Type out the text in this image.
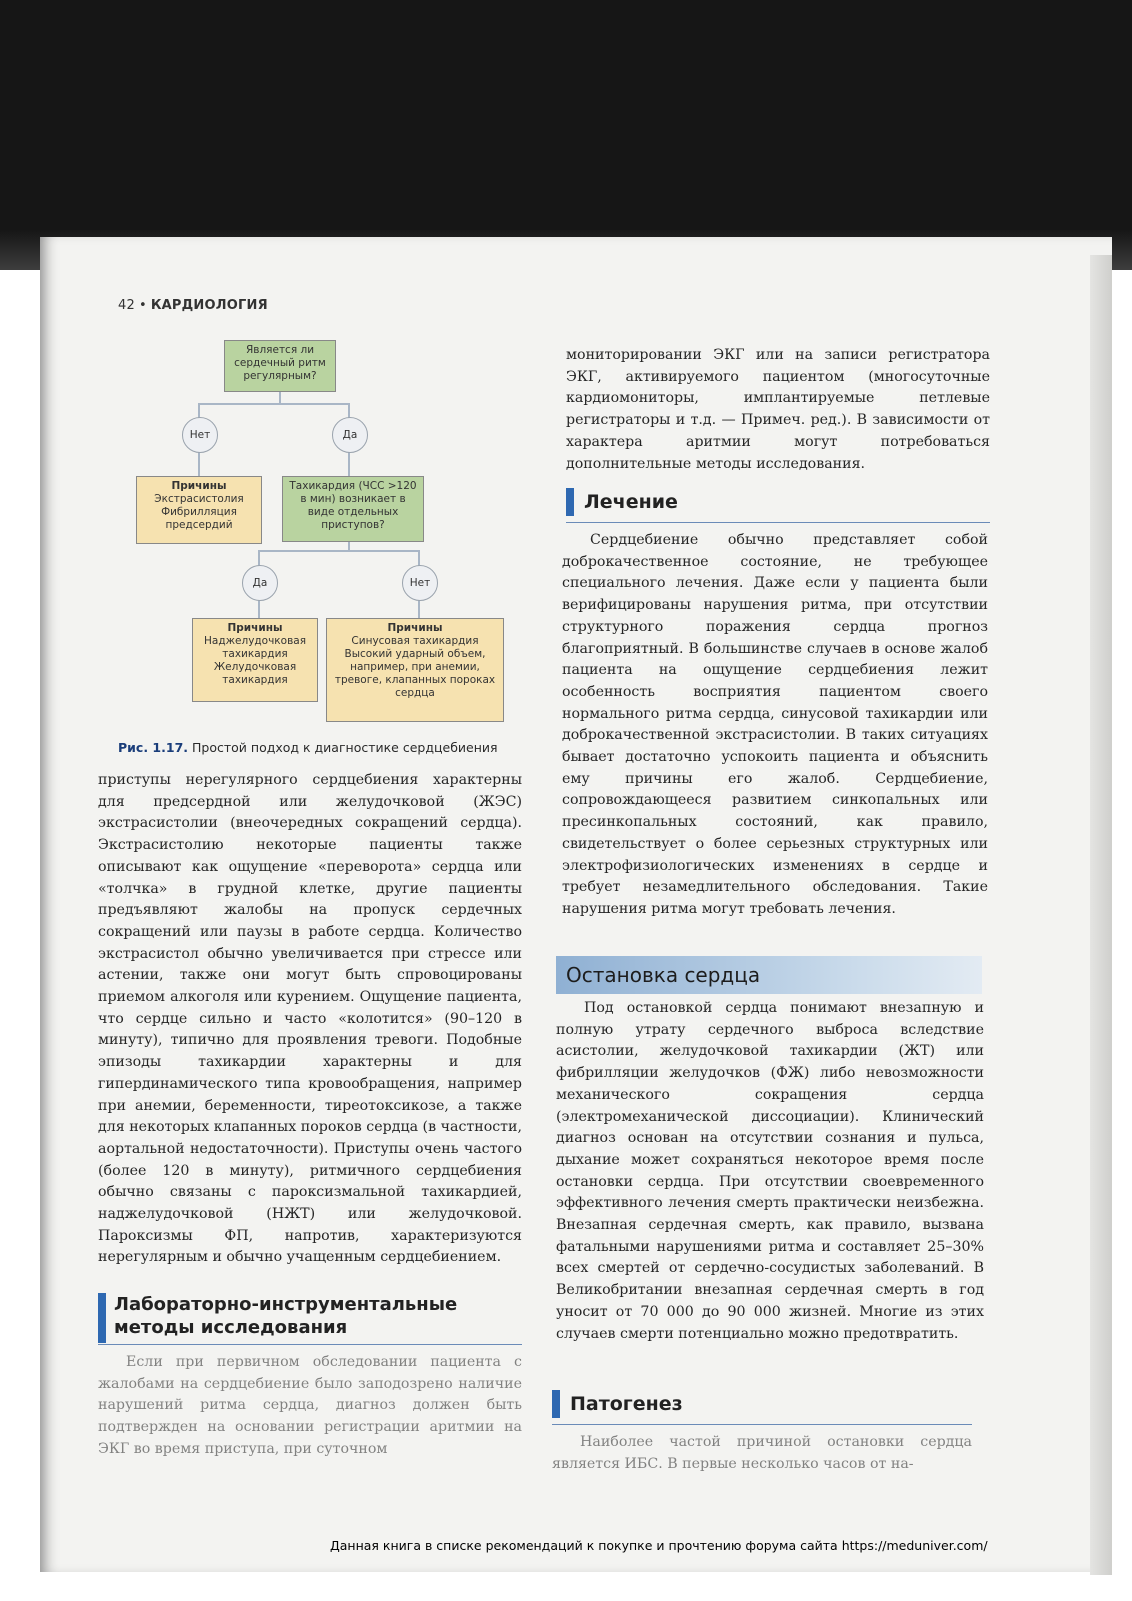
42 • КАРДИОЛОГИЯ
Является ли сердечный ритм регулярным?
Нет	Да
Причины
Экстрасистолия Фибрилляция предсердий
Тахикардия (ЧСС >120 в мин) возникает в виде отдельных приступов?
Да	Нет
Причины
Наджелудочковая тахикардия Желудочковая тахикардия
Причины
Синусовая тахикардия Высокий ударный объем, например, при анемии, тревоге, клапанных пороках сердца
Рис. 1.17. Простой подход к диагностике сердцебиения

приступы нерегулярного сердцебиения характерны для предсердной или желудочковой (ЖЭС) экстрасистолии (внеочередных сокращений сердца). Экстрасистолию некоторые пациенты также описывают как ощущение «переворота» сердца или «толчка» в грудной клетке, другие пациенты предъявляют жалобы на пропуск сердечных сокращений или паузы в работе сердца. Количество экстрасистол обычно увеличивается при стрессе или астении, также они могут быть спровоцированы приемом алкоголя или курением. Ощущение пациента, что сердце сильно и часто «колотится» (90–120 в минуту), типично для проявления тревоги. Подобные эпизоды тахикардии характерны и для гипердинамического типа кровообращения, например при анемии, беременности, тиреотоксикозе, а также для некоторых клапанных пороков сердца (в частности, аортальной недостаточности). Приступы очень частого (более 120 в минуту), ритмичного сердцебиения обычно связаны с пароксизмальной тахикардией, наджелудочковой (НЖТ) или желудочковой. Пароксизмы ФП, напротив, характеризуются нерегулярным и обычно учащенным сердцебиением.

Лабораторно-инструментальные методы исследования

Если при первичном обследовании пациента с жалобами на сердцебиение было заподозрено наличие нарушений ритма сердца, диагноз должен быть подтвержден на основании регистрации аритмии на ЭКГ во время приступа, при суточном

мониторировании ЭКГ или на записи регистратора ЭКГ, активируемого пациентом (многосуточные кардиомониторы, имплантируемые петлевые регистраторы и т.д. — Примеч. ред.). В зависимости от характера аритмии могут потребоваться дополнительные методы исследования.

Лечение

Сердцебиение обычно представляет собой доброкачественное состояние, не требующее специального лечения. Даже если у пациента были верифицированы нарушения ритма, при отсутствии структурного поражения сердца прогноз благоприятный. В большинстве случаев в основе жалоб пациента на ощущение сердцебиения лежит особенность восприятия пациентом своего нормального ритма сердца, синусовой тахикардии или доброкачественной экстрасистолии. В таких ситуациях бывает достаточно успокоить пациента и объяснить ему причины его жалоб. Сердцебиение, сопровождающееся развитием синкопальных или пресинкопальных состояний, как правило, свидетельствует о более серьезных структурных или электрофизиологических изменениях в сердце и требует незамедлительного обследования. Такие нарушения ритма могут требовать лечения.

Остановка сердца

Под остановкой сердца понимают внезапную и полную утрату сердечного выброса вследствие асистолии, желудочковой тахикардии (ЖТ) или фибрилляции желудочков (ФЖ) либо невозможности механического сокращения сердца (электромеханической диссоциации). Клинический диагноз основан на отсутствии сознания и пульса, дыхание может сохраняться некоторое время после остановки сердца. При отсутствии своевременного эффективного лечения смерть практически неизбежна. Внезапная сердечная смерть, как правило, вызвана фатальными нарушениями ритма и составляет 25–30% всех смертей от сердечно-сосудистых заболеваний. В Великобритании внезапная сердечная смерть в год уносит от 70 000 до 90 000 жизней. Многие из этих случаев смерти потенциально можно предотвратить.

Патогенез

Наиболее частой причиной остановки сердца является ИБС. В первые несколько часов от на-

Данная книга в списке рекомендаций к покупке и прочтению форума сайта https://meduniver.com/
